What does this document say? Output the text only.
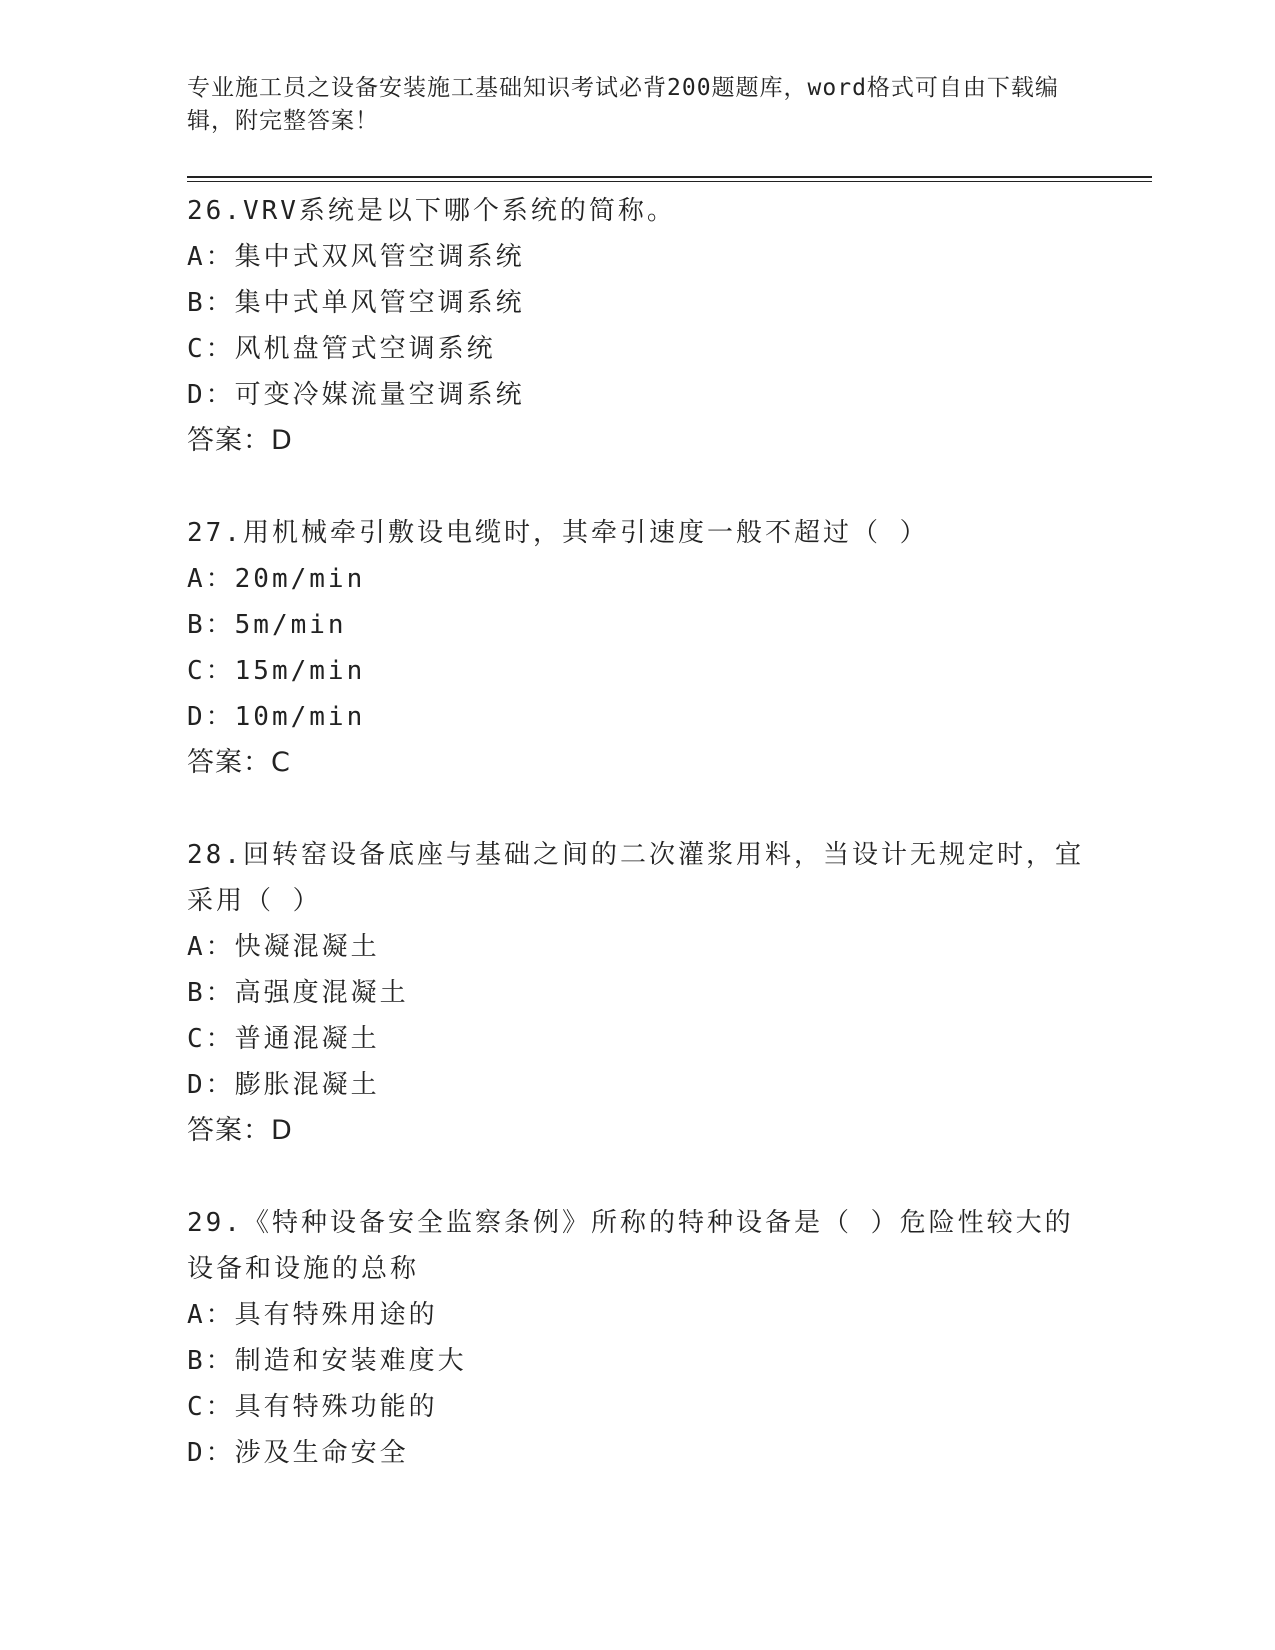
专业施工员之设备安装施工基础知识考试必背200题题库，word格式可自由下载编辑，附完整答案！

26.VRV系统是以下哪个系统的简称。

A：集中式双风管空调系统

B：集中式单风管空调系统

C：风机盘管式空调系统

D：可变冷媒流量空调系统

答案：D

27.用机械牵引敷设电缆时，其牵引速度一般不超过（ ）

A：20m/min

B：5m/min

C：15m/min

D：10m/min

答案：C

28.回转窑设备底座与基础之间的二次灌浆用料，当设计无规定时，宜采用（ ）

A：快凝混凝土

B：高强度混凝土

C：普通混凝土

D：膨胀混凝土

答案：D

29.《特种设备安全监察条例》所称的特种设备是（ ）危险性较大的设备和设施的总称

A：具有特殊用途的

B：制造和安装难度大

C：具有特殊功能的

D：涉及生命安全
